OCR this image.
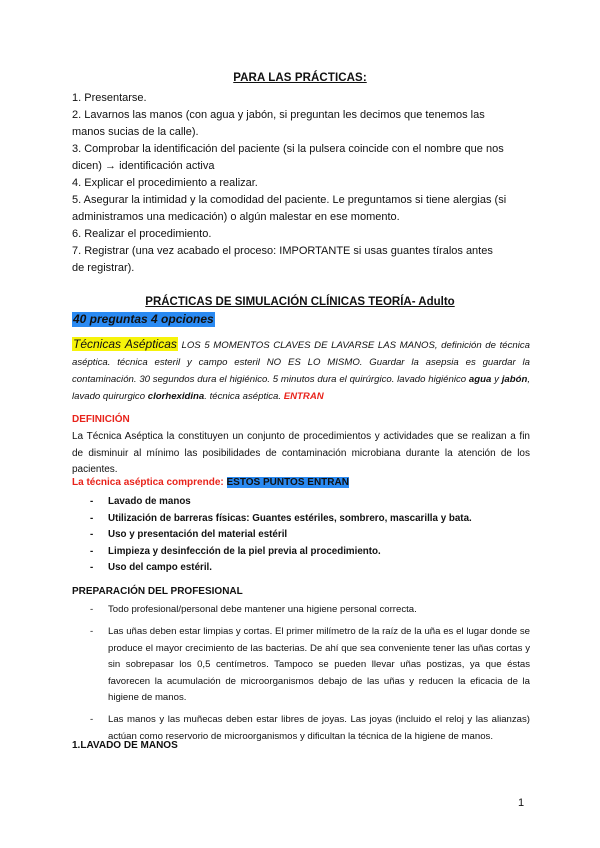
PARA LAS PRÁCTICAS:
1. Presentarse.
2. Lavarnos las manos (con agua y jabón, si preguntan les decimos que tenemos las
manos sucias de la calle).
3. Comprobar la identificación del paciente (si la pulsera coincide con el nombre que nos
dicen) → identificación activa
4. Explicar el procedimiento a realizar.
5. Asegurar la intimidad y la comodidad del paciente. Le preguntamos si tiene alergias (si
administramos una medicación) o algún malestar en ese momento.
6. Realizar el procedimiento.
7. Registrar (una vez acabado el proceso: IMPORTANTE si usas guantes tíralos antes
de registrar).
PRÁCTICAS DE SIMULACIÓN CLÍNICAS TEORÍA- Adulto
40 preguntas 4 opciones
Técnicas Asépticas LOS 5 MOMENTOS CLAVES DE LAVARSE LAS MANOS, definición de técnica aséptica. técnica esteril y campo esteril NO ES LO MISMO. Guardar la asepsia es guardar la contaminación. 30 segundos dura el higiénico. 5 minutos dura el quirúrgico. lavado higiénico agua y jabón, lavado quirurgico clorhexidina. técnica aséptica. ENTRAN
DEFINICIÓN
La Técnica Aséptica la constituyen un conjunto de procedimientos y actividades que se realizan a fin de disminuir al mínimo las posibilidades de contaminación microbiana durante la atención de los pacientes.
La técnica aséptica comprende: ESTOS PUNTOS ENTRAN
- Lavado de manos
- Utilización de barreras físicas: Guantes estériles, sombrero, mascarilla y bata.
- Uso y presentación del material estéril
- Limpieza y desinfección de la piel previa al procedimiento.
- Uso del campo estéril.
PREPARACIÓN DEL PROFESIONAL
- Todo profesional/personal debe mantener una higiene personal correcta.
- Las uñas deben estar limpias y cortas. El primer milímetro de la raíz de la uña es el lugar donde se produce el mayor crecimiento de las bacterias. De ahí que sea conveniente tener las uñas cortas y sin sobrepasar los 0,5 centímetros. Tampoco se pueden llevar uñas postizas, ya que éstas favorecen la acumulación de microorganismos debajo de las uñas y reducen la eficacia de la higiene de manos.
- Las manos y las muñecas deben estar libres de joyas. Las joyas (incluido el reloj y las alianzas) actúan como reservorio de microorganismos y dificultan la técnica de la higiene de manos.
1.LAVADO DE MANOS
1
